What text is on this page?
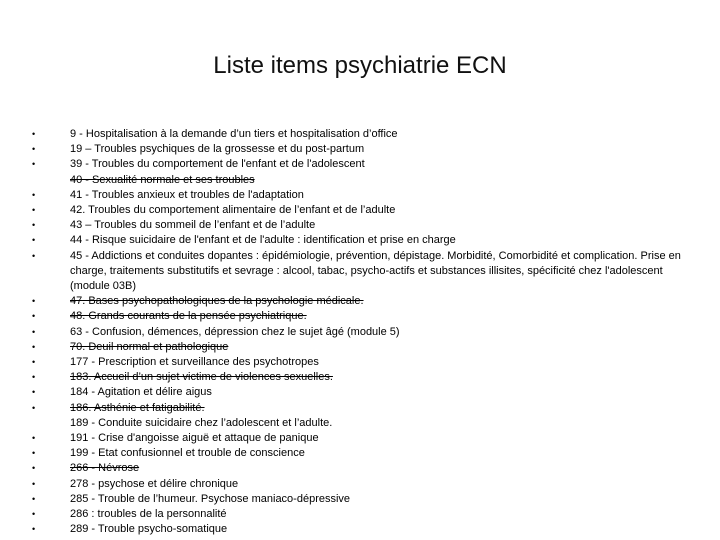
Liste items psychiatrie ECN
•	9 - Hospitalisation à la demande d’un tiers et hospitalisation d’office
•	19 – Troubles psychiques de la grossesse et du post-partum
•	39 - Troubles du comportement de l'enfant et de l'adolescent
40 - Sexualité normale et ses troubles
•	41 - Troubles anxieux et troubles de l'adaptation
•	42. Troubles du comportement alimentaire de l’enfant et de l’adulte
•	43 – Troubles du sommeil de l’enfant et de l’adulte
•	44 - Risque suicidaire de l'enfant et de l'adulte : identification et prise en charge
•	45 - Addictions et conduites dopantes : épidémiologie, prévention, dépistage. Morbidité, Comorbidité et complication. Prise en charge, traitements substitutifs et sevrage : alcool, tabac, psycho-actifs et substances illisites, spécificité chez l'adolescent (module 03B)
•	47. Bases psychopathologiques de la psychologie médicale.
•	48. Grands courants de la pensée psychiatrique.
•	63 - Confusion, démences, dépression chez le sujet âgé (module 5)
•	70. Deuil normal et pathologique
•	177 - Prescription et surveillance des psychotropes
•	183. Accueil d’un sujet victime de violences sexuelles.
•	184 - Agitation et délire aigus
•	186. Asthénie et fatigabilité.
189 - Conduite suicidaire chez l’adolescent et l’adulte.
•	191 - Crise d'angoisse aiguë et attaque de panique
•	199 - Etat confusionnel et trouble de conscience
•	266 - Névrose
•	278 - psychose et délire chronique
•	285 - Trouble de l’humeur. Psychose maniaco-dépressive
•	286 : troubles de la personnalité
•	289 - Trouble psycho-somatique
